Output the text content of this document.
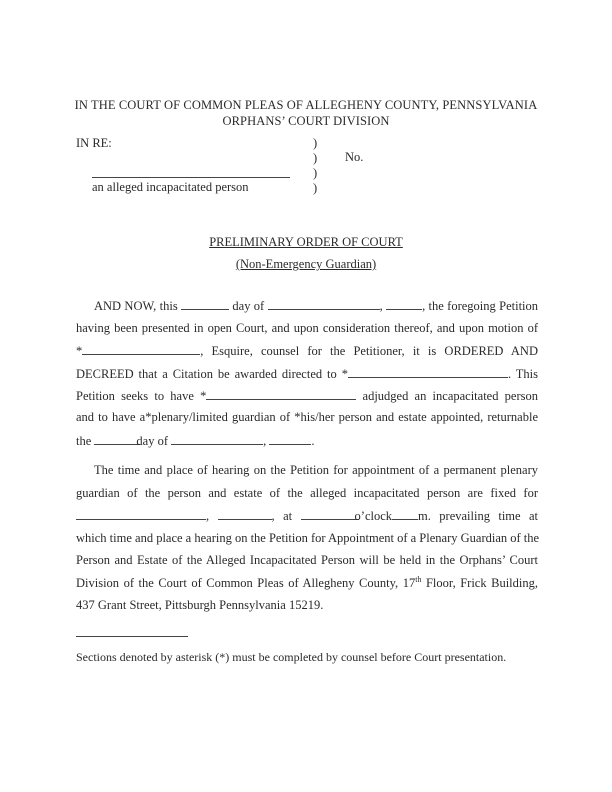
IN THE COURT OF COMMON PLEAS OF ALLEGHENY COUNTY, PENNSYLVANIA
ORPHANS’ COURT DIVISION
IN RE:	)
)
)
)
No.
an alleged incapacitated person
PRELIMINARY ORDER OF COURT
(Non-Emergency Guardian)
AND NOW, this	day of	,	, the foregoing Petition
having been presented in open Court, and upon consideration thereof, and upon motion of
*	, Esquire, counsel for the Petitioner, it is ORDERED AND
DECREED that a Citation be awarded directed to *	. This
Petition seeks to have *	adjudged an incapacitated person
and to have a*plenary/limited guardian of *his/her person and estate appointed, returnable
the	day of	,	.
The time and place of hearing on the Petition for appointment of a permanent plenary
guardian of the person and estate of the alleged incapacitated person are fixed for
,	, at	o’clock m. prevailing time at
which time and place a hearing on the Petition for Appointment of a Plenary Guardian of the
Person and Estate of the Alleged Incapacitated Person will be held in the Orphans’ Court
Division of the Court of Common Pleas of Allegheny County, 17th Floor, Frick Building,
437 Grant Street, Pittsburgh Pennsylvania 15219.
Sections denoted by asterisk (*) must be completed by counsel before Court presentation.
